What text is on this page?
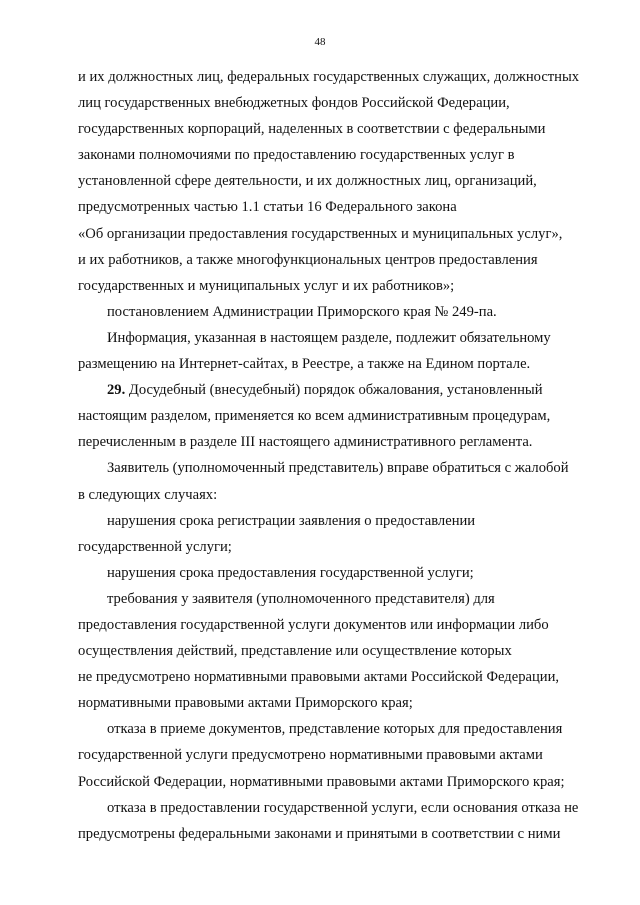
48

и их должностных лиц, федеральных государственных служащих, должностных

лиц государственных внебюджетных фондов Российской Федерации,

государственных корпораций, наделенных в соответствии с федеральными

законами полномочиями по предоставлению государственных услуг в

установленной сфере деятельности, и их должностных лиц, организаций,

предусмотренных частью 1.1 статьи 16 Федерального закона

«Об организации предоставления государственных и муниципальных услуг»,

и их работников, а также многофункциональных центров предоставления

государственных и муниципальных услуг и их работников»;

постановлением Администрации Приморского края № 249-па.

Информация, указанная в настоящем разделе, подлежит обязательному

размещению на Интернет-сайтах, в Реестре, а также на Едином портале.

29. Досудебный (внесудебный) порядок обжалования, установленный

настоящим разделом, применяется ко всем административным процедурам,

перечисленным в разделе III настоящего административного регламента.

Заявитель (уполномоченный представитель) вправе обратиться с жалобой

в следующих случаях:

нарушения срока регистрации заявления о предоставлении

государственной услуги;

нарушения срока предоставления государственной услуги;

требования у заявителя (уполномоченного представителя) для

предоставления государственной услуги документов или информации либо

осуществления действий, представление или осуществление которых

не предусмотрено нормативными правовыми актами Российской Федерации,

нормативными правовыми актами Приморского края;

отказа в приеме документов, представление которых для предоставления

государственной услуги предусмотрено нормативными правовыми актами

Российской Федерации, нормативными правовыми актами Приморского края;

отказа в предоставлении государственной услуги, если основания отказа не

предусмотрены федеральными законами и принятыми в соответствии с ними
